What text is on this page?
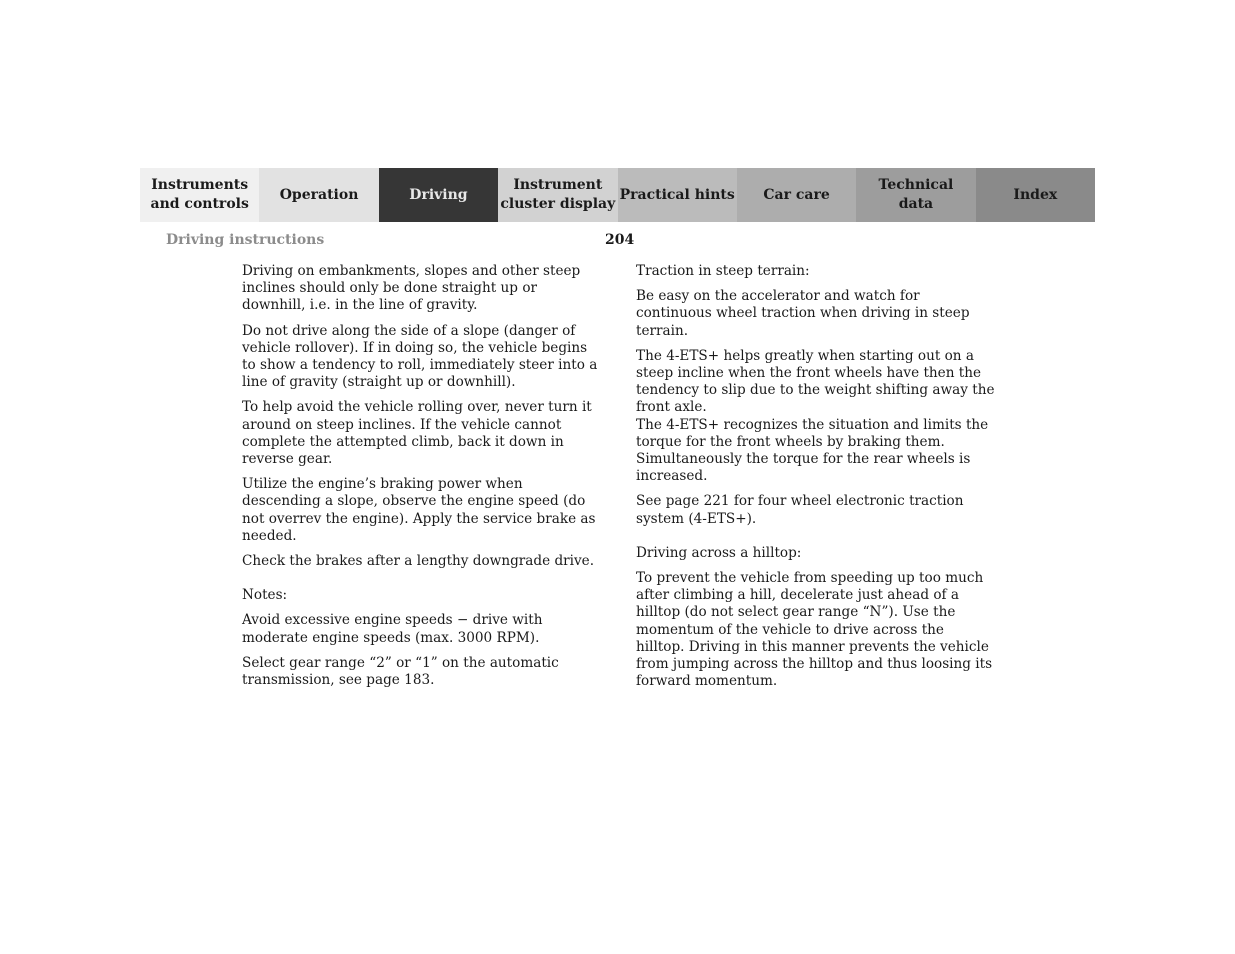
Instruments
and controls
Operation	Driving
Instrument
cluster display
Practical hints	Car care
Technical
data
Index
Driving instructions	204

Driving on embankments, slopes and other steep inclines should only be done straight up or downhill, i.e. in the line of gravity.

Do not drive along the side of a slope (danger of vehicle rollover). If in doing so, the vehicle begins to show a tendency to roll, immediately steer into a line of gravity (straight up or downhill).

To help avoid the vehicle rolling over, never turn it around on steep inclines. If the vehicle cannot complete the attempted climb, back it down in reverse gear.

Utilize the engine’s braking power when descending a slope, observe the engine speed (do not overrev the engine). Apply the service brake as needed.

Check the brakes after a lengthy downgrade drive.

Notes:

Avoid excessive engine speeds − drive with moderate engine speeds (max. 3000 RPM).

Select gear range “2” or “1” on the automatic transmission, see page 183.

Traction in steep terrain:

Be easy on the accelerator and watch for continuous wheel traction when driving in steep terrain.

The 4-ETS+ helps greatly when starting out on a steep incline when the front wheels have then the tendency to slip due to the weight shifting away the front axle.
The 4-ETS+ recognizes the situation and limits the torque for the front wheels by braking them. Simultaneously the torque for the rear wheels is increased.

See page 221 for four wheel electronic traction system (4-ETS+).

Driving across a hilltop:

To prevent the vehicle from speeding up too much after climbing a hill, decelerate just ahead of a hilltop (do not select gear range “N”). Use the momentum of the vehicle to drive across the hilltop. Driving in this manner prevents the vehicle from jumping across the hilltop and thus loosing its forward momentum.
